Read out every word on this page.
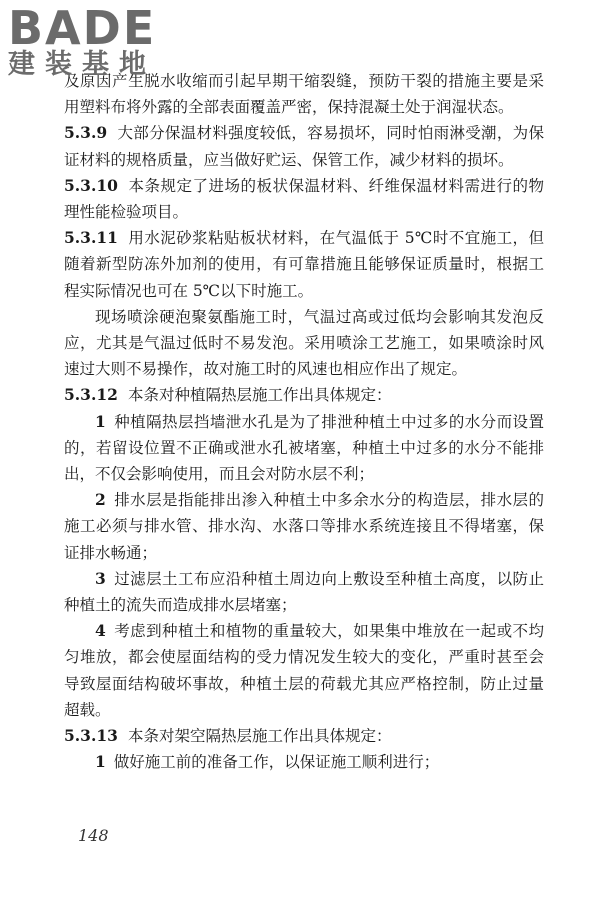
BADE
建装基地

及原因产生脱水收缩而引起早期干缩裂缝，预防干裂的措施主要是采用塑料布将外露的全部表面覆盖严密，保持混凝土处于润湿状态。

5.3.9 大部分保温材料强度较低，容易损坏，同时怕雨淋受潮，为保证材料的规格质量，应当做好贮运、保管工作，减少材料的损坏。

5.3.10 本条规定了进场的板状保温材料、纤维保温材料需进行的物理性能检验项目。

5.3.11 用水泥砂浆粘贴板状材料，在气温低于 5℃时不宜施工，但随着新型防冻外加剂的使用，有可靠措施且能够保证质量时，根据工程实际情况也可在 5℃以下时施工。

现场喷涂硬泡聚氨酯施工时，气温过高或过低均会影响其发泡反应，尤其是气温过低时不易发泡。采用喷涂工艺施工，如果喷涂时风速过大则不易操作，故对施工时的风速也相应作出了规定。

5.3.12 本条对种植隔热层施工作出具体规定：

1 种植隔热层挡墙泄水孔是为了排泄种植土中过多的水分而设置的，若留设位置不正确或泄水孔被堵塞，种植土中过多的水分不能排出，不仅会影响使用，而且会对防水层不利；

2 排水层是指能排出渗入种植土中多余水分的构造层，排水层的施工必须与排水管、排水沟、水落口等排水系统连接且不得堵塞，保证排水畅通；

3 过滤层土工布应沿种植土周边向上敷设至种植土高度，以防止种植土的流失而造成排水层堵塞；

4 考虑到种植土和植物的重量较大，如果集中堆放在一起或不均匀堆放，都会使屋面结构的受力情况发生较大的变化，严重时甚至会导致屋面结构破坏事故，种植土层的荷载尤其应严格控制，防止过量超载。

5.3.13 本条对架空隔热层施工作出具体规定：

1 做好施工前的准备工作，以保证施工顺利进行；

148
